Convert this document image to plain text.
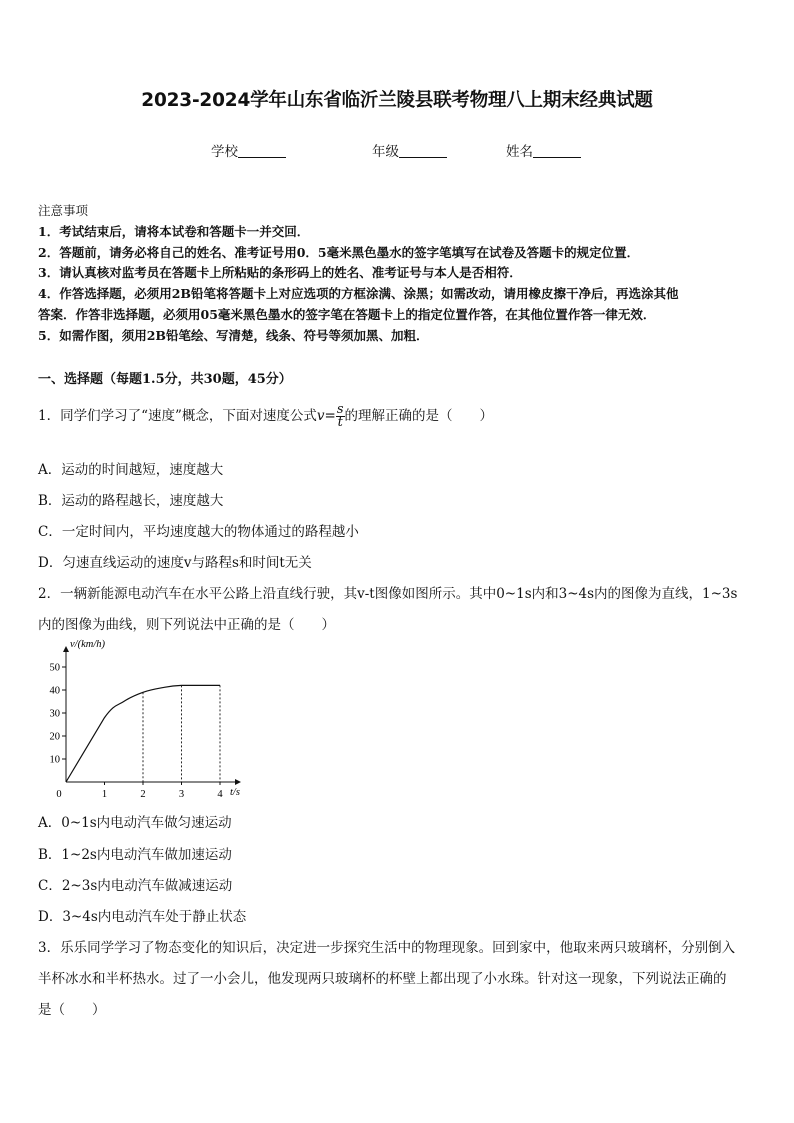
2023-2024学年山东省临沂兰陵县联考物理八上期末经典试题
学校	年级	姓名
注意事项
1．考试结束后，请将本试卷和答题卡一并交回．
2．答题前，请务必将自己的姓名、准考证号用0．5毫米黑色墨水的签字笔填写在试卷及答题卡的规定位置．
3．请认真核对监考员在答题卡上所粘贴的条形码上的姓名、准考证号与本人是否相符．
4．作答选择题，必须用2B铅笔将答题卡上对应选项的方框涂满、涂黑；如需改动，请用橡皮擦干净后，再选涂其他
答案．作答非选择题，必须用05毫米黑色墨水的签字笔在答题卡上的指定位置作答，在其他位置作答一律无效．
5．如需作图，须用2B铅笔绘、写清楚，线条、符号等须加黑、加粗．
一、选择题（每题1.5分，共30题，45分）
1．同学们学习了“速度”概念，下面对速度公式$v= \frac{s}{t}$ 的理解正确的是（　　）
A．运动的时间越短，速度越大
B．运动的路程越长，速度越大
C．一定时间内，平均速度越大的物体通过的路程越小
D．匀速直线运动的速度v与路程s和时间t无关
2．一辆新能源电动汽车在水平公路上沿直线行驶，其v-t图像如图所示。其中0~1s内和3~4s内的图像为直线，1~3s
内的图像为曲线，则下列说法中正确的是（　　）
10
20
30
40
50
1	2	3	4
v/(km/h)
t/s
0
A．0~1s内电动汽车做匀速运动
B．1~2s内电动汽车做加速运动
C．2~3s内电动汽车做减速运动
D．3~4s内电动汽车处于静止状态
3．乐乐同学学习了物态变化的知识后，决定进一步探究生活中的物理现象。回到家中，他取来两只玻璃杯，分别倒入
半杯冰水和半杯热水。过了一小会儿，他发现两只玻璃杯的杯壁上都出现了小水珠。针对这一现象，下列说法正确的
是（　　）
